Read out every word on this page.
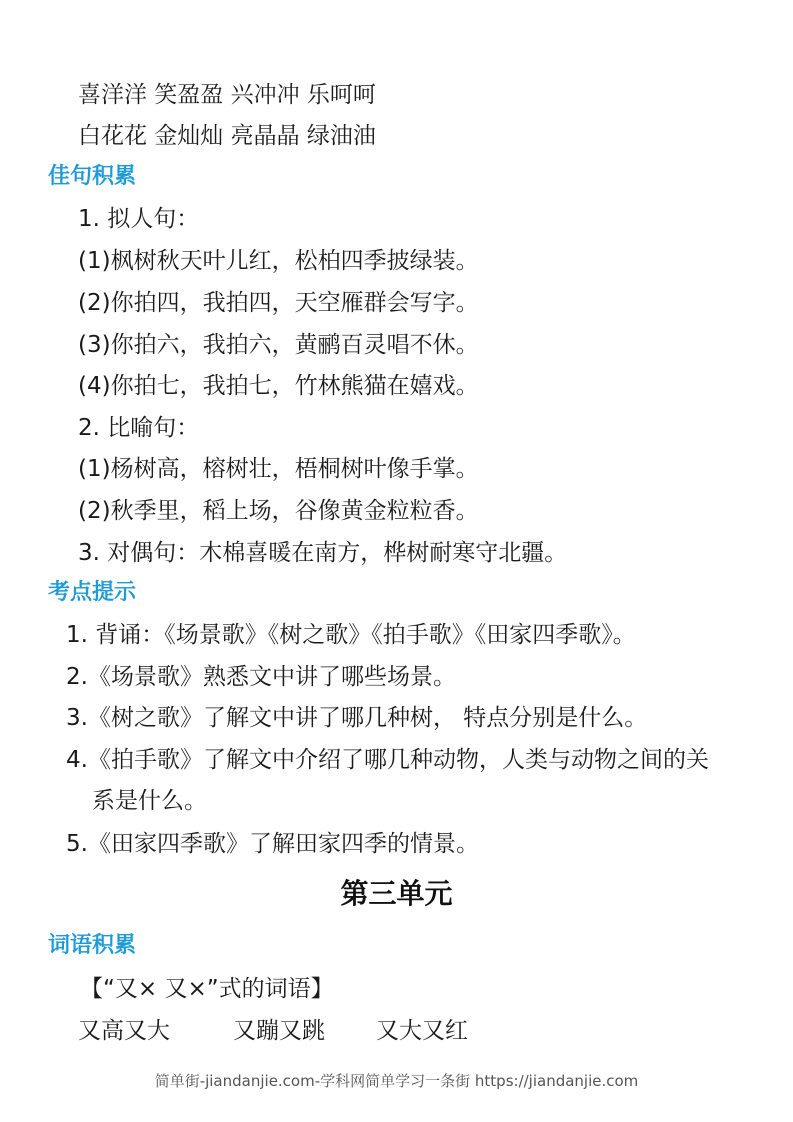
喜洋洋 笑盈盈 兴冲冲 乐呵呵
白花花 金灿灿 亮晶晶 绿油油
佳句积累
1. 拟人句：
(1)枫树秋天叶儿红，松柏四季披绿装。
(2)你拍四，我拍四，天空雁群会写字。
(3)你拍六，我拍六，黄鹂百灵唱不休。
(4)你拍七，我拍七，竹林熊猫在嬉戏。
2. 比喻句：
(1)杨树高，榕树壮，梧桐树叶像手掌。
(2)秋季里，稻上场，谷像黄金粒粒香。
3. 对偶句：木棉喜暖在南方，桦树耐寒守北疆。
考点提示
1. 背诵：《场景歌》《树之歌》《拍手歌》《田家四季歌》。
2.《场景歌》熟悉文中讲了哪些场景。
3.《树之歌》了解文中讲了哪几种树， 特点分别是什么。
4.《拍手歌》了解文中介绍了哪几种动物，人类与动物之间的关
系是什么。
5.《田家四季歌》了解田家四季的情景。
第三单元
词语积累
【“又× 又×”式的词语】
又高又大	又蹦又跳 又大又红
简单街-jiandanjie.com-学科网简单学习一条街 https://jiandanjie.com
